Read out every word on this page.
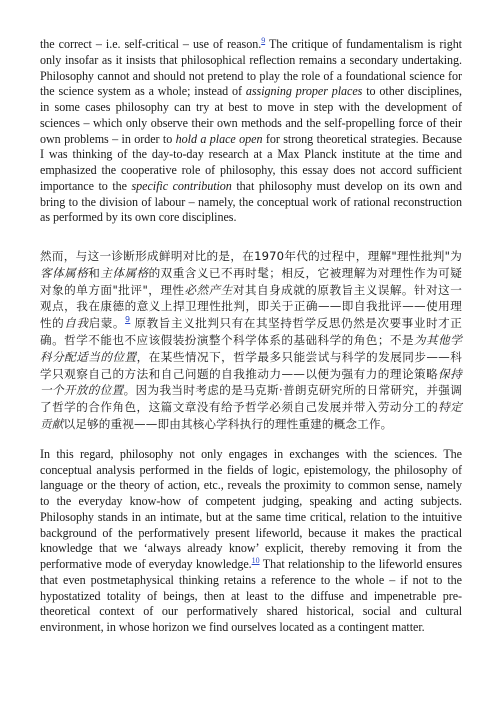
the correct – i.e. self-critical – use of reason.$^9$ The critique of fundamentalism is right only insofar as it insists that philosophical reflection remains a secondary undertaking. Philosophy cannot and should not pretend to play the role of a foundational science for the science system as a whole; instead of assigning proper places to other disciplines, in some cases philosophy can try at best to move in step with the development of sciences – which only observe their own methods and the self-propelling force of their own problems – in order to hold a place open for strong theoretical strategies. Because I was thinking of the day-to-day research at a Max Planck institute at the time and emphasized the cooperative role of philosophy, this essay does not accord sufficient importance to the specific contribution that philosophy must develop on its own and bring to the division of labour – namely, the conceptual work of rational reconstruction as performed by its own core disciplines.

然而，与这一诊断形成鲜明对比的是，在1970年代的过程中，理解"理性批判"为客体属格和主体属格的双重含义已不再时髦；相反，它被理解为对理性作为可疑对象的单方面"批评"，理性必然产生对其自身成就的原教旨主义误解。针对这一观点，我在康德的意义上捍卫理性批判，即关于正确——即自我批评——使用理性的自我启蒙。$^9$ 原教旨主义批判只有在其坚持哲学反思仍然是次要事业时才正确。哲学不能也不应该假装扮演整个科学体系的基础科学的角色；不是为其他学科分配适当的位置，在某些情况下，哲学最多只能尝试与科学的发展同步——科学只观察自己的方法和自己问题的自我推动力——以便为强有力的理论策略保持一个开放的位置。因为我当时考虑的是马克斯·普朗克研究所的日常研究，并强调了哲学的合作角色，这篇文章没有给予哲学必须自己发展并带入劳动分工的特定贡献以足够的重视——即由其核心学科执行的理性重建的概念工作。

In this regard, philosophy not only engages in exchanges with the sciences. The conceptual analysis performed in the fields of logic, epistemology, the philosophy of language or the theory of action, etc., reveals the proximity to common sense, namely to the everyday know-how of competent judging, speaking and acting subjects. Philosophy stands in an intimate, but at the same time critical, relation to the intuitive background of the performatively present lifeworld, because it makes the practical knowledge that we ‘always already know’ explicit, thereby removing it from the performative mode of everyday knowledge.$^{10}$ That relationship to the lifeworld ensures that even postmetaphysical thinking retains a reference to the whole – if not to the hypostatized totality of beings, then at least to the diffuse and impenetrable pre-theoretical context of our performatively shared historical, social and cultural environment, in whose horizon we find ourselves located as a contingent matter.
